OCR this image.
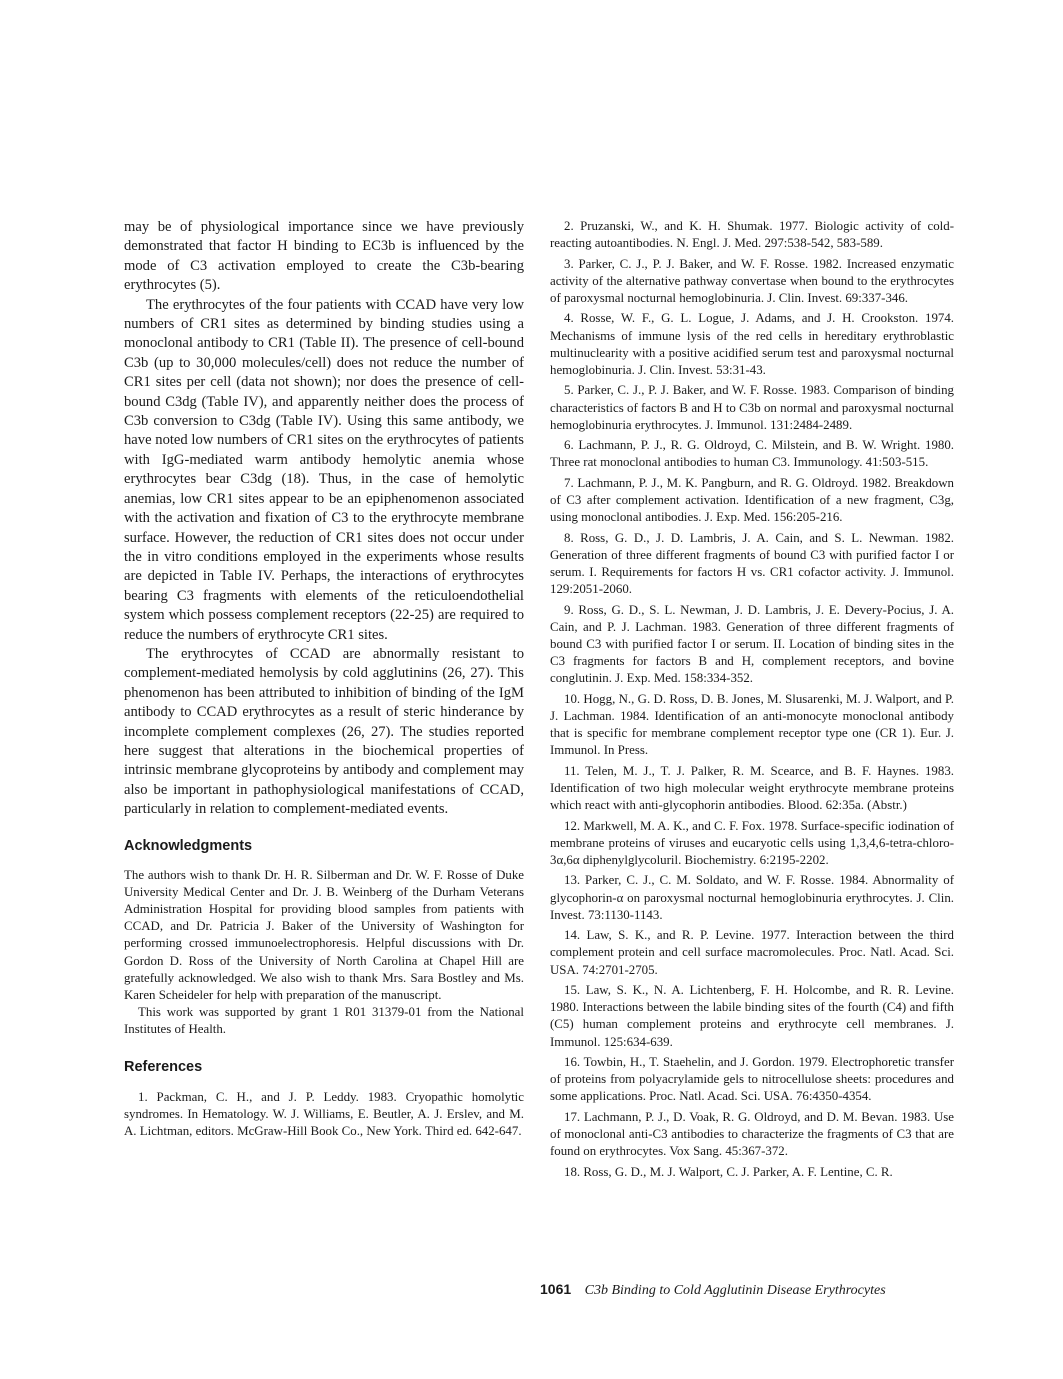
may be of physiological importance since we have previously demonstrated that factor H binding to EC3b is influenced by the mode of C3 activation employed to create the C3b-bearing erythrocytes (5).

The erythrocytes of the four patients with CCAD have very low numbers of CR1 sites as determined by binding studies using a monoclonal antibody to CR1 (Table II). The presence of cell-bound C3b (up to 30,000 molecules/cell) does not reduce the number of CR1 sites per cell (data not shown); nor does the presence of cell-bound C3dg (Table IV), and apparently neither does the process of C3b conversion to C3dg (Table IV). Using this same antibody, we have noted low numbers of CR1 sites on the erythrocytes of patients with IgG-mediated warm antibody hemolytic anemia whose erythrocytes bear C3dg (18). Thus, in the case of hemolytic anemias, low CR1 sites appear to be an epiphenomenon associated with the activation and fixation of C3 to the erythrocyte membrane surface. However, the reduction of CR1 sites does not occur under the in vitro conditions employed in the experiments whose results are depicted in Table IV. Perhaps, the interactions of erythrocytes bearing C3 fragments with elements of the reticuloendothelial system which possess complement receptors (22-25) are required to reduce the numbers of erythrocyte CR1 sites.

The erythrocytes of CCAD are abnormally resistant to complement-mediated hemolysis by cold agglutinins (26, 27). This phenomenon has been attributed to inhibition of binding of the IgM antibody to CCAD erythrocytes as a result of steric hinderance by incomplete complement complexes (26, 27). The studies reported here suggest that alterations in the biochemical properties of intrinsic membrane glycoproteins by antibody and complement may also be important in pathophysiological manifestations of CCAD, particularly in relation to complement-mediated events.

Acknowledgments

The authors wish to thank Dr. H. R. Silberman and Dr. W. F. Rosse of Duke University Medical Center and Dr. J. B. Weinberg of the Durham Veterans Administration Hospital for providing blood samples from patients with CCAD, and Dr. Patricia J. Baker of the University of Washington for performing crossed immunoelectrophoresis. Helpful discussions with Dr. Gordon D. Ross of the University of North Carolina at Chapel Hill are gratefully acknowledged. We also wish to thank Mrs. Sara Bostley and Ms. Karen Scheideler for help with preparation of the manuscript.

This work was supported by grant 1 R01 31379-01 from the National Institutes of Health.

References

1. Packman, C. H., and J. P. Leddy. 1983. Cryopathic homolytic syndromes. In Hematology. W. J. Williams, E. Beutler, A. J. Erslev, and M. A. Lichtman, editors. McGraw-Hill Book Co., New York. Third ed. 642-647.

2. Pruzanski, W., and K. H. Shumak. 1977. Biologic activity of cold-reacting autoantibodies. N. Engl. J. Med. 297:538-542, 583-589.

3. Parker, C. J., P. J. Baker, and W. F. Rosse. 1982. Increased enzymatic activity of the alternative pathway convertase when bound to the erythrocytes of paroxysmal nocturnal hemoglobinuria. J. Clin. Invest. 69:337-346.

4. Rosse, W. F., G. L. Logue, J. Adams, and J. H. Crookston. 1974. Mechanisms of immune lysis of the red cells in hereditary erythroblastic multinuclearity with a positive acidified serum test and paroxysmal nocturnal hemoglobinuria. J. Clin. Invest. 53:31-43.

5. Parker, C. J., P. J. Baker, and W. F. Rosse. 1983. Comparison of binding characteristics of factors B and H to C3b on normal and paroxysmal nocturnal hemoglobinuria erythrocytes. J. Immunol. 131:2484-2489.

6. Lachmann, P. J., R. G. Oldroyd, C. Milstein, and B. W. Wright. 1980. Three rat monoclonal antibodies to human C3. Immunology. 41:503-515.

7. Lachmann, P. J., M. K. Pangburn, and R. G. Oldroyd. 1982. Breakdown of C3 after complement activation. Identification of a new fragment, C3g, using monoclonal antibodies. J. Exp. Med. 156:205-216.

8. Ross, G. D., J. D. Lambris, J. A. Cain, and S. L. Newman. 1982. Generation of three different fragments of bound C3 with purified factor I or serum. I. Requirements for factors H vs. CR1 cofactor activity. J. Immunol. 129:2051-2060.

9. Ross, G. D., S. L. Newman, J. D. Lambris, J. E. Devery-Pocius, J. A. Cain, and P. J. Lachman. 1983. Generation of three different fragments of bound C3 with purified factor I or serum. II. Location of binding sites in the C3 fragments for factors B and H, complement receptors, and bovine conglutinin. J. Exp. Med. 158:334-352.

10. Hogg, N., G. D. Ross, D. B. Jones, M. Slusarenki, M. J. Walport, and P. J. Lachman. 1984. Identification of an anti-monocyte monoclonal antibody that is specific for membrane complement receptor type one (CR 1). Eur. J. Immunol. In Press.

11. Telen, M. J., T. J. Palker, R. M. Scearce, and B. F. Haynes. 1983. Identification of two high molecular weight erythrocyte membrane proteins which react with anti-glycophorin antibodies. Blood. 62:35a. (Abstr.)

12. Markwell, M. A. K., and C. F. Fox. 1978. Surface-specific iodination of membrane proteins of viruses and eucaryotic cells using 1,3,4,6-tetra-chloro-3α,6α diphenylglycoluril. Biochemistry. 6:2195-2202.

13. Parker, C. J., C. M. Soldato, and W. F. Rosse. 1984. Abnormality of glycophorin-α on paroxysmal nocturnal hemoglobinuria erythrocytes. J. Clin. Invest. 73:1130-1143.

14. Law, S. K., and R. P. Levine. 1977. Interaction between the third complement protein and cell surface macromolecules. Proc. Natl. Acad. Sci. USA. 74:2701-2705.

15. Law, S. K., N. A. Lichtenberg, F. H. Holcombe, and R. R. Levine. 1980. Interactions between the labile binding sites of the fourth (C4) and fifth (C5) human complement proteins and erythrocyte cell membranes. J. Immunol. 125:634-639.

16. Towbin, H., T. Staehelin, and J. Gordon. 1979. Electrophoretic transfer of proteins from polyacrylamide gels to nitrocellulose sheets: procedures and some applications. Proc. Natl. Acad. Sci. USA. 76:4350-4354.

17. Lachmann, P. J., D. Voak, R. G. Oldroyd, and D. M. Bevan. 1983. Use of monoclonal anti-C3 antibodies to characterize the fragments of C3 that are found on erythrocytes. Vox Sang. 45:367-372.

18. Ross, G. D., M. J. Walport, C. J. Parker, A. F. Lentine, C. R.

1061 C3b Binding to Cold Agglutinin Disease Erythrocytes
